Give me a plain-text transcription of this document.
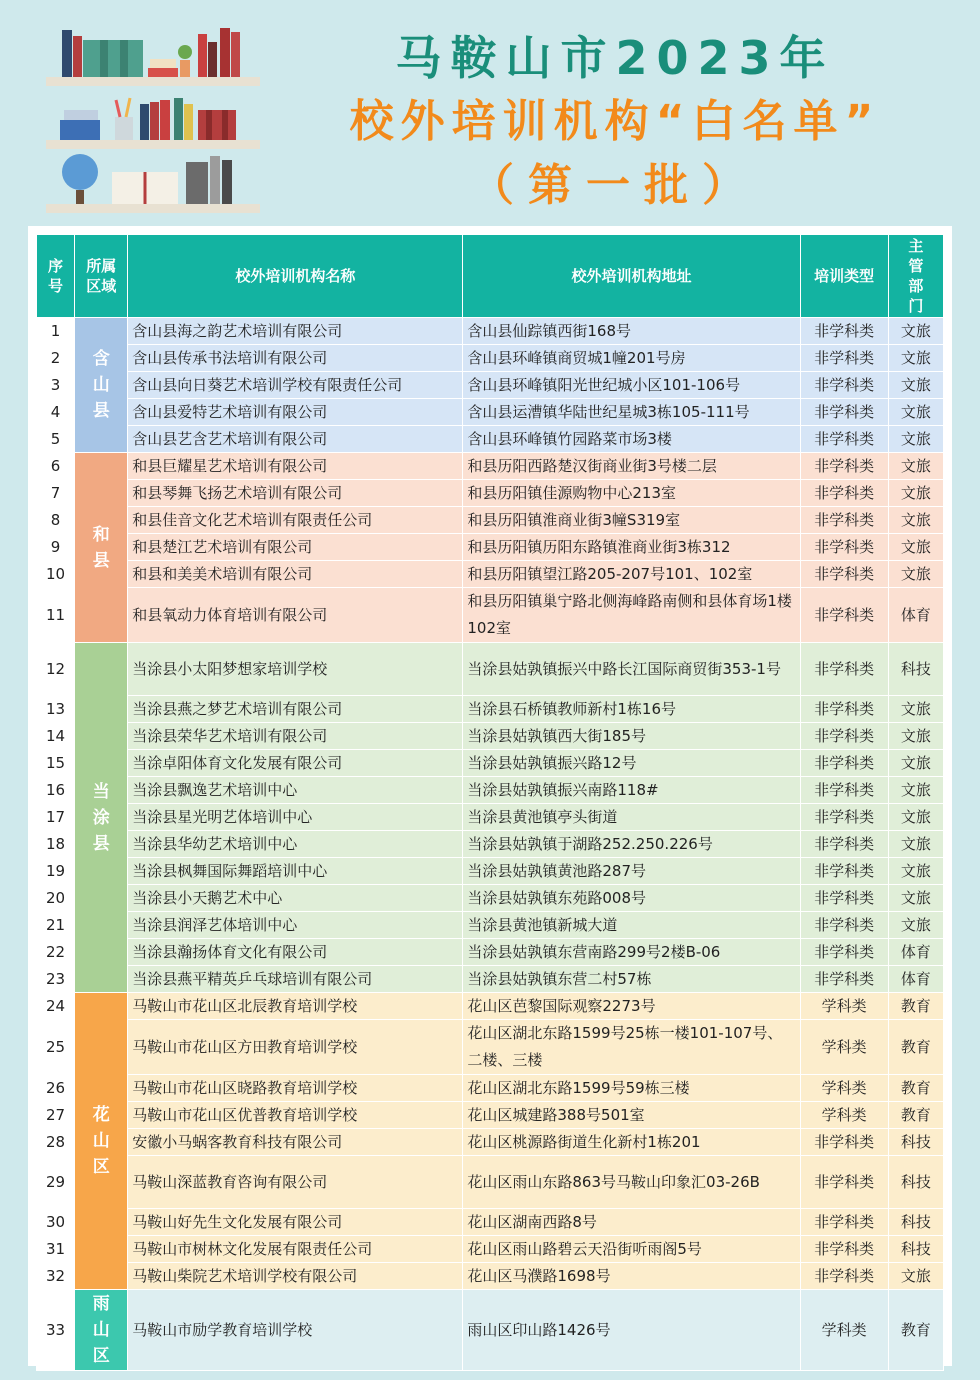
马鞍山市2023年
校外培训机构“白名单”
（第一批）
序号	所属区域	校外培训机构名称	校外培训机构地址	培训类型	主管部门
1	含山县	含山县海之韵艺术培训有限公司	含山县仙踪镇西街168号	非学科类	文旅
2		含山县传承书法培训有限公司	含山县环峰镇商贸城1幢201号房	非学科类	文旅
3		含山县向日葵艺术培训学校有限责任公司	含山县环峰镇阳光世纪城小区101-106号	非学科类	文旅
4		含山县爱特艺术培训有限公司	含山县运漕镇华陆世纪星城3栋105-111号	非学科类	文旅
5		含山县艺含艺术培训有限公司	含山县环峰镇竹园路菜市场3楼	非学科类	文旅
6	和县	和县巨耀星艺术培训有限公司	和县历阳西路楚汉街商业街3号楼二层	非学科类	文旅
7		和县琴舞飞扬艺术培训有限公司	和县历阳镇佳源购物中心213室	非学科类	文旅
8		和县佳音文化艺术培训有限责任公司	和县历阳镇淮商业街3幢S319室	非学科类	文旅
9		和县楚江艺术培训有限公司	和县历阳镇历阳东路镇淮商业街3栋312	非学科类	文旅
10		和县和美美术培训有限公司	和县历阳镇望江路205-207号101、102室	非学科类	文旅
11		和县氧动力体育培训有限公司	和县历阳镇巢宁路北侧海峰路南侧和县体育场1楼102室	非学科类	体育
12	当涂县	当涂县小太阳梦想家培训学校	当涂县姑孰镇振兴中路长江国际商贸街353-1号	非学科类	科技
13		当涂县燕之梦艺术培训有限公司	当涂县石桥镇教师新村1栋16号	非学科类	文旅
14		当涂县荣华艺术培训有限公司	当涂县姑孰镇西大街185号	非学科类	文旅
15		当涂卓阳体育文化发展有限公司	当涂县姑孰镇振兴路12号	非学科类	文旅
16		当涂县飘逸艺术培训中心	当涂县姑孰镇振兴南路118#	非学科类	文旅
17		当涂县星光明艺体培训中心	当涂县黄池镇亭头街道	非学科类	文旅
18		当涂县华幼艺术培训中心	当涂县姑孰镇于湖路252.250.226号	非学科类	文旅
19		当涂县枫舞国际舞蹈培训中心	当涂县姑孰镇黄池路287号	非学科类	文旅
20		当涂县小天鹅艺术中心	当涂县姑孰镇东苑路008号	非学科类	文旅
21		当涂县润泽艺体培训中心	当涂县黄池镇新城大道	非学科类	文旅
22		当涂县瀚扬体育文化有限公司	当涂县姑孰镇东营南路299号2楼B-06	非学科类	体育
23		当涂县燕平精英乒乓球培训有限公司	当涂县姑孰镇东营二村57栋	非学科类	体育
24	花山区	马鞍山市花山区北辰教育培训学校	花山区芭黎国际观察2273号	学科类	教育
25		马鞍山市花山区方田教育培训学校	花山区湖北东路1599号25栋一楼101-107号、二楼、三楼	学科类	教育
26		马鞍山市花山区晓路教育培训学校	花山区湖北东路1599号59栋三楼	学科类	教育
27		马鞍山市花山区优普教育培训学校	花山区城建路388号501室	学科类	教育
28		安徽小马蜗客教育科技有限公司	花山区桃源路街道生化新村1栋201	非学科类	科技
29		马鞍山深蓝教育咨询有限公司	花山区雨山东路863号马鞍山印象汇03-26B	非学科类	科技
30		马鞍山好先生文化发展有限公司	花山区湖南西路8号	非学科类	科技
31		马鞍山市树林文化发展有限责任公司	花山区雨山路碧云天沿街听雨阁5号	非学科类	科技
32		马鞍山柴院艺术培训学校有限公司	花山区马濮路1698号	非学科类	文旅
33	雨山区	马鞍山市励学教育培训学校	雨山区印山路1426号	学科类	教育
